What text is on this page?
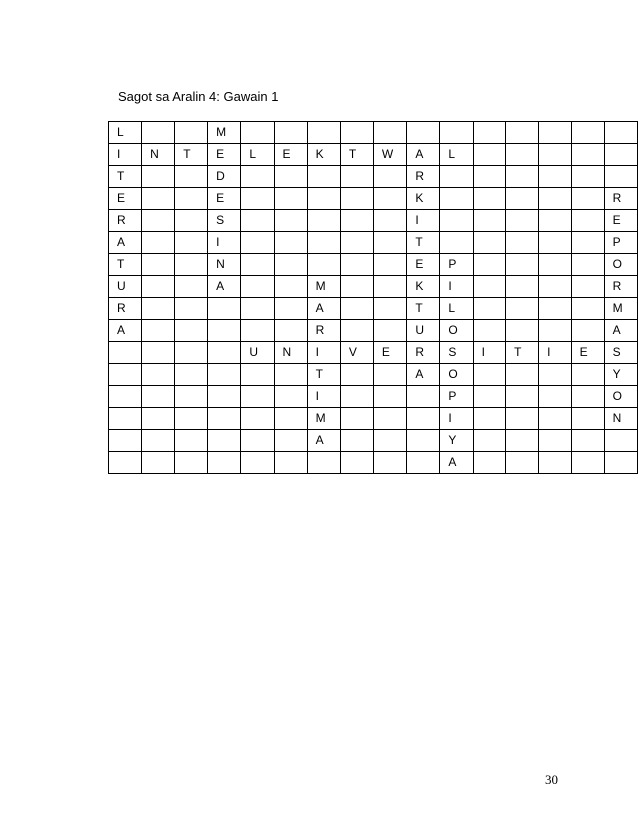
Sagot sa Aralin 4: Gawain 1
L			M												
I	N	T	E	L	E	K	T	W	A	L					
T			D						R						
E			E						K						R
R			S						I						E
A			I						T						P
T			N						E	P					O
U			A			M			K	I					R
R						A			T	L					M
A						R			U	O					A
				U	N	I	V	E	R	S	I	T	I	E	S
						T			A	O					Y
						I				P					O
						M				I					N
						A				Y					
										A					
30
